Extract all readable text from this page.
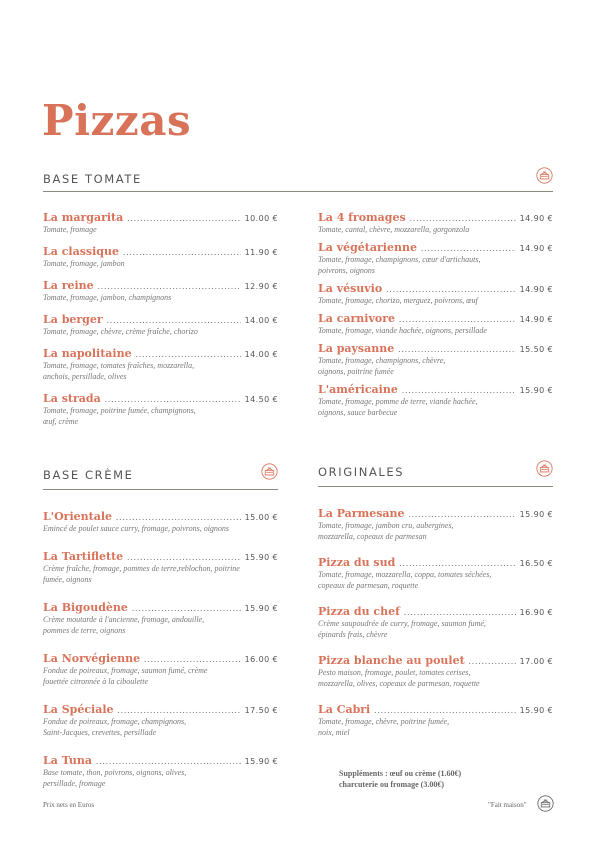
Pizzas
BASE TOMATE
La margarita .....	10.00 €
Tomate, fromage
La classique .....	11.90 €
Tomate, fromage, jambon
La reine .....	12.90 €
Tomate, fromage, jambon, champignons
La berger .....	14.00 €
Tomate, fromage, chèvre, crème fraîche, chorizo
La napolitaine .....	14.00 €
Tomate, fromage, tomates fraîches, mozzarella,
anchois, persillade, olives
La strada .....	14.50 €
Tomate, fromage, poitrine fumée, champignons,
œuf, crème
La 4 fromages .....	14.90 €
Tomate, cantal, chèvre, mozzarella, gorgonzola
La végétarienne .....	14.90 €
Tomate, fromage, champignons, cœur d'artichauts,
poivrons, oignons
La vésuvio .....	14.90 €
Tomate, fromage, chorizo, merguez, poivrons, œuf
La carnivore .....	14.90 €
Tomate, fromage, viande hachée, oignons, persillade
La paysanne .....	15.50 €
Tomate, fromage, champignons, chèvre,
oignons, poitrine fumée
L'américaine .....	15.90 €
Tomate, fromage, pomme de terre, viande hachée,
oignons, sauce barbecue
BASE CRÈME
L'Orientale .....	15.00 €
Emincé de poulet sauce curry, fromage, poivrons, oignons
La Tartiflette .....	15.90 €
Crème fraîche, fromage, pommes de terre,reblochon, poitrine
fumée, oignons
La Bigoudène .....	15.90 €
Crème moutarde à l'ancienne, fromage, andouille,
pommes de terre, oignons
La Norvégienne .....	16.00 €
Fondue de poireaux, fromage, saumon fumé, crème
fouettée citronnée à la ciboulette
La Spéciale .....	17.50 €
Fondue de poireaux, fromage, champignons,
Saint-Jacques, crevettes, persillade
La Tuna .....	15.90 €
Base tomate, thon, poivrons, oignons, olives,
persillade, fromage
ORIGINALES
La Parmesane .....	15.90 €
Tomate, fromage, jambon cru, aubergines,
mozzarella, copeaux de parmesan
Pizza du sud .....	16.50 €
Tomate, fromage, mozzarella, coppa, tomates séchées,
copeaux de parmesan, roquette
Pizza du chef .....	16.90 €
Crème saupoudrée de curry, fromage, saumon fumé,
épinards frais, chèvre
Pizza blanche au poulet .....	17.00 €
Pesto maison, fromage, poulet, tomates cerises,
mozzarella, olives, copeaux de parmesan, roquette
La Cabri .....	15.90 €
Tomate, fromage, chèvre, poitrine fumée,
noix, miel
Suppléments : œuf ou crème (1.60€)
charcuterie ou fromage (3.00€)
Prix nets en Euros	"Fait maison"
